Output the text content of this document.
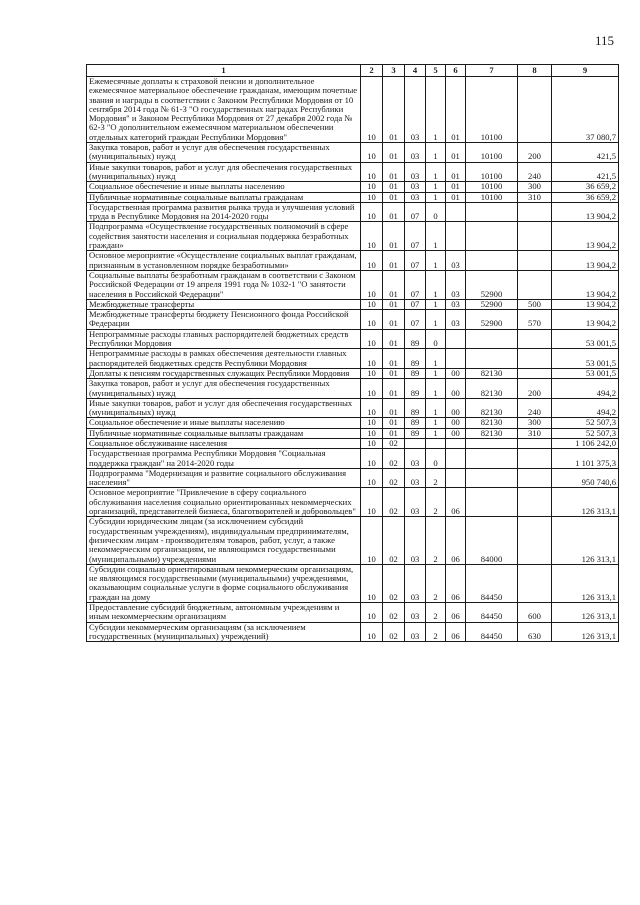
115
1	2	3	4	5	6	7	8	9
Ежемесячные доплаты к страховой пенсии и дополнительное ежемесячное материальное обеспечение гражданам, имеющим почетные звания и награды в соответствии с Законом Республики Мордовия от 10 сентября 2014 года № 61-З "О государственных наградах Республики Мордовия" и Законом Республики Мордовия от 27 декабря 2002 года № 62-З "О дополнительном ежемесячном материальном обеспечении отдельных категорий граждан Республики Мордовия"	10	01	03	1	01	10100		37 080,7
Закупка товаров, работ и услуг для обеспечения государственных (муниципальных) нужд	10	01	03	1	01	10100	200	421,5
Иные закупки товаров, работ и услуг для обеспечения государственных (муниципальных) нужд	10	01	03	1	01	10100	240	421,5
Социальное обеспечение и иные выплаты населению	10	01	03	1	01	10100	300	36 659,2
Публичные нормативные социальные выплаты гражданам	10	01	03	1	01	10100	310	36 659,2
Государственная программа развития рынка труда и улучшения условий труда в Республике Мордовия на 2014-2020 годы	10	01	07	0				13 904,2
Подпрограмма «Осуществление государственных полномочий в сфере содействия занятости населения и социальная поддержка безработных граждан»	10	01	07	1				13 904,2
Основное мероприятие «Осуществление социальных выплат гражданам, признанным в установленном порядке безработными»	10	01	07	1	03			13 904,2
Социальные выплаты безработным гражданам в соответствии с Законом Российской Федерации от 19 апреля 1991 года № 1032-1 "О занятости населения в Российской Федерации"	10	01	07	1	03	52900		13 904,2
Межбюджетные трансферты	10	01	07	1	03	52900	500	13 904,2
Межбюджетные трансферты бюджету Пенсионного фонда Российской Федерации	10	01	07	1	03	52900	570	13 904,2
Непрограммные расходы главных распорядителей бюджетных средств Республики Мордовия	10	01	89	0				53 001,5
Непрограммные расходы в рамках обеспечения деятельности главных распорядителей бюджетных средств Республики Мордовия	10	01	89	1				53 001,5
Доплаты к пенсиям государственных служащих Республики Мордовия	10	01	89	1	00	82130		53 001,5
Закупка товаров, работ и услуг для обеспечения государственных (муниципальных) нужд	10	01	89	1	00	82130	200	494,2
Иные закупки товаров, работ и услуг для обеспечения государственных (муниципальных) нужд	10	01	89	1	00	82130	240	494,2
Социальное обеспечение и иные выплаты населению	10	01	89	1	00	82130	300	52 507,3
Публичные нормативные социальные выплаты гражданам	10	01	89	1	00	82130	310	52 507,3
Социальное обслуживание населения	10	02						1 106 242,0
Государственная программа Республики Мордовия "Социальная поддержка граждан" на 2014-2020 годы	10	02	03	0				1 101 375,3
Подпрограмма "Модернизация и развитие социального обслуживания населения"	10	02	03	2				950 740,6
Основное мероприятие "Привлечение в сферу социального обслуживания населения социально ориентированных некоммерческих организаций, представителей бизнеса, благотворителей и добровольцев"	10	02	03	2	06			126 313,1
Субсидии юридическим лицам (за исключением субсидий государственным учреждениям), индивидуальным предпринимателям, физическим лицам - производителям товаров, работ, услуг, а также некоммерческим организациям, не являющимся государственными (муниципальными) учреждениями	10	02	03	2	06	84000		126 313,1
Субсидии социально ориентированным некоммерческим организациям, не являющимся государственными (муниципальными) учреждениями, оказывающим социальные услуги в форме социального обслуживания граждан на дому	10	02	03	2	06	84450		126 313,1
Предоставление субсидий бюджетным, автономным учреждениям и иным некоммерческим организациям	10	02	03	2	06	84450	600	126 313,1
Субсидии некоммерческим организациям (за исключением государственных (муниципальных) учреждений)	10	02	03	2	06	84450	630	126 313,1
